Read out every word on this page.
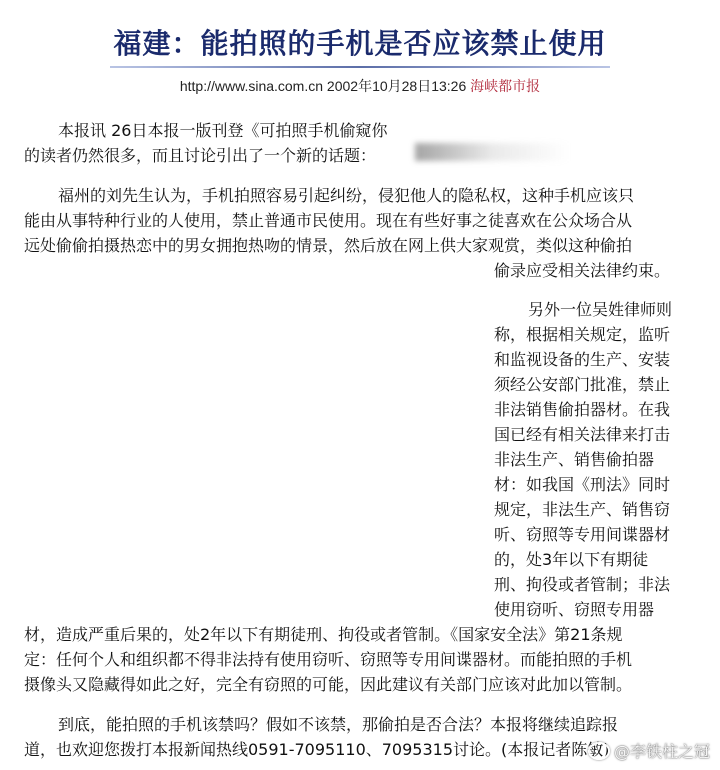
福建：能拍照的手机是否应该禁止使用
http://www.sina.com.cn 2002年10月28日13:26 海峡都市报
本报讯 26日本报一版刊登《可拍照手机偷窥你
的读者仍然很多，而且讨论引出了一个新的话题：
福州的刘先生认为，手机拍照容易引起纠纷，侵犯他人的隐私权，这种手机应该只
能由从事特种行业的人使用，禁止普通市民使用。现在有些好事之徒喜欢在公众场合从
远处偷偷拍摄热恋中的男女拥抱热吻的情景，然后放在网上供大家观赏，类似这种偷拍
偷录应受相关法律约束。
另外一位吴姓律师则
称，根据相关规定，监听
和监视设备的生产、安装
须经公安部门批准，禁止
非法销售偷拍器材。在我
国已经有相关法律来打击
非法生产、销售偷拍器
材：如我国《刑法》同时
规定，非法生产、销售窃
听、窃照等专用间谍器材
的，处3年以下有期徒
刑、拘役或者管制；非法
使用窃听、窃照专用器
材，造成严重后果的，处2年以下有期徒刑、拘役或者管制。《国家安全法》第21条规
定：任何个人和组织都不得非法持有使用窃听、窃照等专用间谍器材。而能拍照的手机
摄像头又隐藏得如此之好，完全有窃照的可能，因此建议有关部门应该对此加以管制。
到底，能拍照的手机该禁吗？假如不该禁，那偷拍是否合法？本报将继续追踪报
道，也欢迎您拨打本报新闻热线0591-7095110、7095315讨论。(本报记者陈敏) @李铁柱之冠
